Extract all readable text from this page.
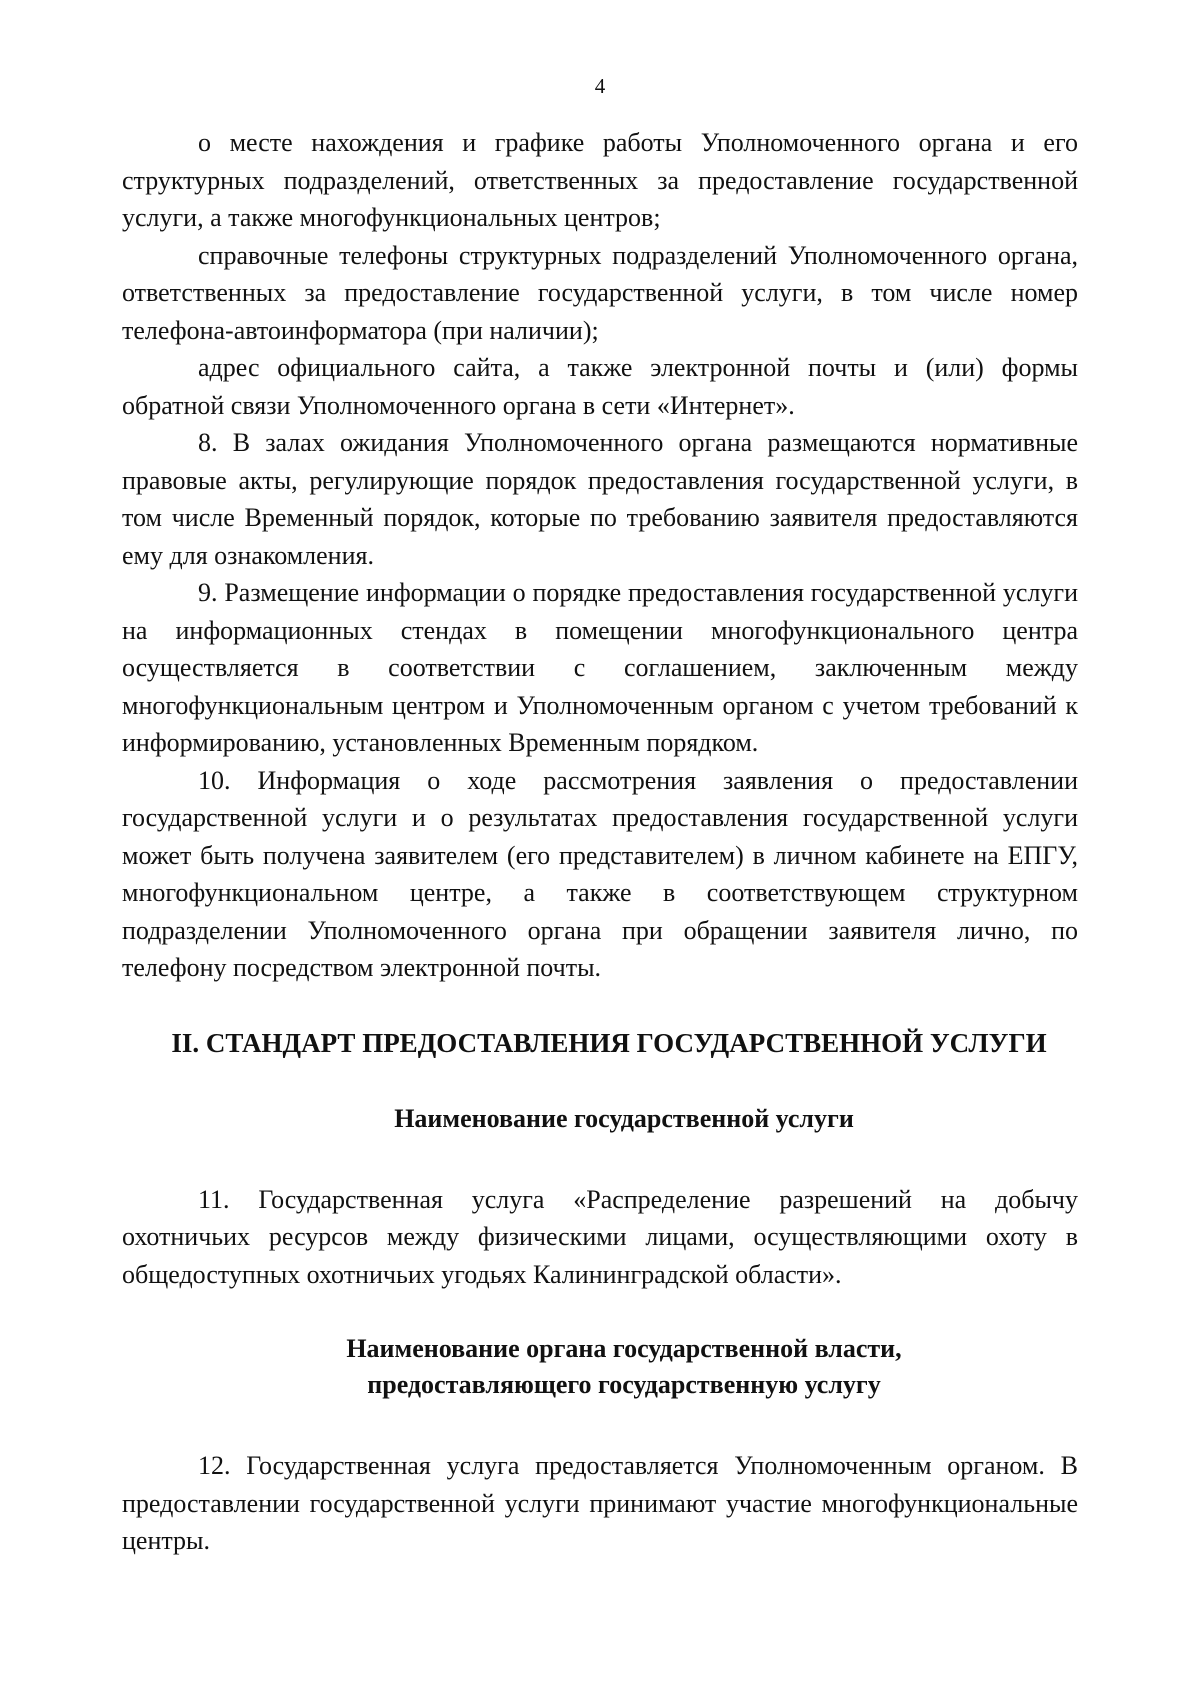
4

о месте нахождения и графике работы Уполномоченного органа и его структурных подразделений, ответственных за предоставление государственной услуги, а также многофункциональных центров;

справочные телефоны структурных подразделений Уполномоченного органа, ответственных за предоставление государственной услуги, в том числе номер телефона-автоинформатора (при наличии);

адрес официального сайта, а также электронной почты и (или) формы обратной связи Уполномоченного органа в сети «Интернет».

8. В залах ожидания Уполномоченного органа размещаются нормативные правовые акты, регулирующие порядок предоставления государственной услуги, в том числе Временный порядок, которые по требованию заявителя предоставляются ему для ознакомления.

9. Размещение информации о порядке предоставления государственной услуги на информационных стендах в помещении многофункционального центра осуществляется в соответствии с соглашением, заключенным между многофункциональным центром и Уполномоченным органом с учетом требований к информированию, установленных Временным порядком.

10. Информация о ходе рассмотрения заявления о предоставлении государственной услуги и о результатах предоставления государственной услуги может быть получена заявителем (его представителем) в личном кабинете на ЕПГУ, многофункциональном центре, а также в соответствующем структурном подразделении Уполномоченного органа при обращении заявителя лично, по телефону посредством электронной почты.

II. СТАНДАРТ ПРЕДОСТАВЛЕНИЯ ГОСУДАРСТВЕННОЙ УСЛУГИ
Наименование государственной услуги

11. Государственная услуга «Распределение разрешений на добычу охотничьих ресурсов между физическими лицами, осуществляющими охоту в общедоступных охотничьих угодьях Калининградской области».

Наименование органа государственной власти,
предоставляющего государственную услугу

12. Государственная услуга предоставляется Уполномоченным органом. В предоставлении государственной услуги принимают участие многофункциональные центры.
